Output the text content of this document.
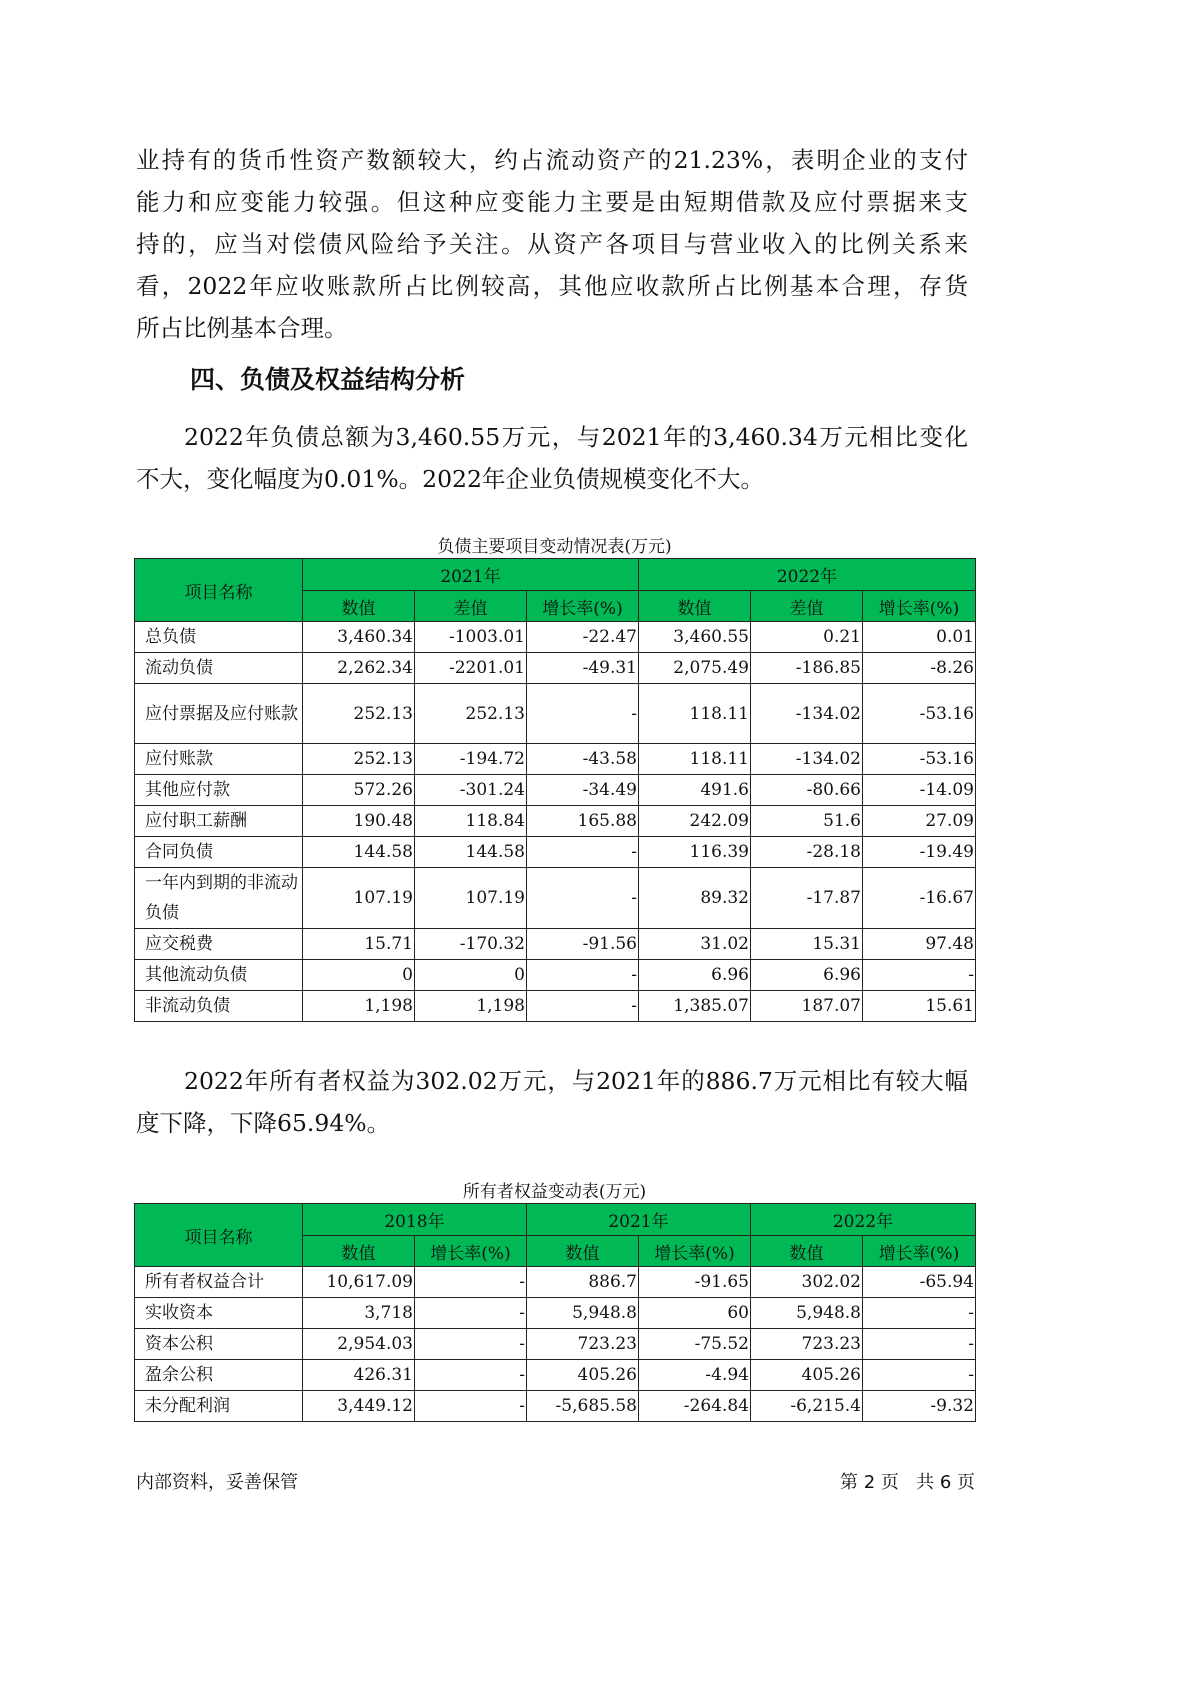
业持有的货币性资产数额较大，约占流动资产的21.23%，表明企业的支付
能力和应变能力较强。但这种应变能力主要是由短期借款及应付票据来支
持的，应当对偿债风险给予关注。从资产各项目与营业收入的比例关系来
看，2022年应收账款所占比例较高，其他应收款所占比例基本合理，存货
所占比例基本合理。
四、负债及权益结构分析
2022年负债总额为3,460.55万元，与2021年的3,460.34万元相比变化
不大，变化幅度为0.01%。2022年企业负债规模变化不大。
负债主要项目变动情况表(万元)
项目名称	2021年			2022年		
	数值	差值	增长率(%)	数值	差值	增长率(%)
总负债	3,460.34	-1003.01	-22.47	3,460.55	0.21	0.01
流动负债	2,262.34	-2201.01	-49.31	2,075.49	-186.85	-8.26
应付票据及应付账款	252.13	252.13	-	118.11	-134.02	-53.16
应付账款	252.13	-194.72	-43.58	118.11	-134.02	-53.16
其他应付款	572.26	-301.24	-34.49	491.6	-80.66	-14.09
应付职工薪酬	190.48	118.84	165.88	242.09	51.6	27.09
合同负债	144.58	144.58	-	116.39	-28.18	-19.49
一年内到期的非流动负债	107.19	107.19	-	89.32	-17.87	-16.67
应交税费	15.71	-170.32	-91.56	31.02	15.31	97.48
其他流动负债	0	0	-	6.96	6.96	-
非流动负债	1,198	1,198	-	1,385.07	187.07	15.61
2022年所有者权益为302.02万元，与2021年的886.7万元相比有较大幅
度下降，下降65.94%。
所有者权益变动表(万元)
项目名称	2018年		2021年		2022年	
	数值	增长率(%)	数值	增长率(%)	数值	增长率(%)
所有者权益合计	10,617.09	-	886.7	-91.65	302.02	-65.94
实收资本	3,718	-	5,948.8	60	5,948.8	-
资本公积	2,954.03	-	723.23	-75.52	723.23	-
盈余公积	426.31	-	405.26	-4.94	405.26	-
未分配利润	3,449.12	-	-5,685.58	-264.84	-6,215.4	-9.32
内部资料，妥善保管	第 2 页   共 6 页
